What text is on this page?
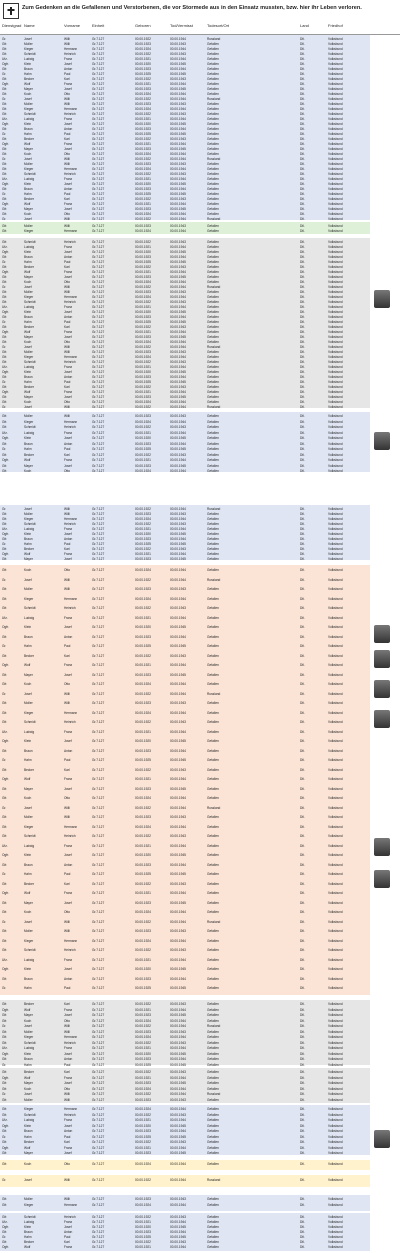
Zum Gedenken an die Gefallenen und Verstorbenen, die vor Stormede aus in den Einsatz mussten, bzw. hier ihr Leben verloren.
Dienstgrad Name	Vorname	Einheit	Geboren	Tod/Vermisst	Todesort/Ort	Land	Friedhof
Gr.	Josef	Willi	Gr.7.127	00.00.1922	00.00.1944	Russland	Dtl.	Volksbund
Gfr.	Moller	Willi	Gr.7.127	00.00.1923	00.00.1943	Gefallen	Dtl.	Volksbund
Gfr.	Kieger	Hermann	Gr.7.127	00.00.1924	00.00.1944	Gefallen	Dtl.	Volksbund
Gfr.	Schmidt	Heinrich	Gr.7.127	00.00.1922	00.00.1943	Gefallen	Dtl.	Volksbund
Ufz.	Ludwig	Franz	Gr.7.127	00.00.1921	00.00.1944	Gefallen	Dtl.	Volksbund
Ogfr.	Klein	Josef	Gr.7.127	00.00.1920	00.00.1945	Gefallen	Dtl.	Volksbund
Gfr.	Braun	Anton	Gr.7.127	00.00.1923	00.00.1944	Gefallen	Dtl.	Volksbund
Gr.	Hahn	Paul	Gr.7.127	00.00.1925	00.00.1945	Gefallen	Dtl.	Volksbund
Gfr.	Becker	Karl	Gr.7.127	00.00.1922	00.00.1943	Gefallen	Dtl.	Volksbund
Ogfr.	Wolf	Franz	Gr.7.127	00.00.1921	00.00.1944	Gefallen	Dtl.	Volksbund
Gfr.	Mayer	Josef	Gr.7.127	00.00.1923	00.00.1945	Gefallen	Dtl.	Volksbund
Gfr.	Koch	Otto	Gr.7.127	00.00.1924	00.00.1944	Gefallen	Dtl.	Volksbund
Gr.	Josef	Willi	Gr.7.127	00.00.1922	00.00.1944	Russland	Dtl.	Volksbund
Gfr.	Moller	Willi	Gr.7.127	00.00.1923	00.00.1943	Gefallen	Dtl.	Volksbund
Gfr.	Kieger	Hermann	Gr.7.127	00.00.1924	00.00.1944	Gefallen	Dtl.	Volksbund
Gfr.	Schmidt	Heinrich	Gr.7.127	00.00.1922	00.00.1943	Gefallen	Dtl.	Volksbund
Ufz.	Ludwig	Franz	Gr.7.127	00.00.1921	00.00.1944	Gefallen	Dtl.	Volksbund
Ogfr.	Klein	Josef	Gr.7.127	00.00.1920	00.00.1945	Gefallen	Dtl.	Volksbund
Gfr.	Braun	Anton	Gr.7.127	00.00.1923	00.00.1944	Gefallen	Dtl.	Volksbund
Gr.	Hahn	Paul	Gr.7.127	00.00.1925	00.00.1945	Gefallen	Dtl.	Volksbund
Gfr.	Becker	Karl	Gr.7.127	00.00.1922	00.00.1943	Gefallen	Dtl.	Volksbund
Ogfr.	Wolf	Franz	Gr.7.127	00.00.1921	00.00.1944	Gefallen	Dtl.	Volksbund
Gfr.	Mayer	Josef	Gr.7.127	00.00.1923	00.00.1945	Gefallen	Dtl.	Volksbund
Gfr.	Koch	Otto	Gr.7.127	00.00.1924	00.00.1944	Gefallen	Dtl.	Volksbund
Gr.	Josef	Willi	Gr.7.127	00.00.1922	00.00.1944	Russland	Dtl.	Volksbund
Gfr.	Moller	Willi	Gr.7.127	00.00.1923	00.00.1943	Gefallen	Dtl.	Volksbund
Gfr.	Kieger	Hermann	Gr.7.127	00.00.1924	00.00.1944	Gefallen	Dtl.	Volksbund
Gfr.	Schmidt	Heinrich	Gr.7.127	00.00.1922	00.00.1943	Gefallen	Dtl.	Volksbund
Ufz.	Ludwig	Franz	Gr.7.127	00.00.1921	00.00.1944	Gefallen	Dtl.	Volksbund
Ogfr.	Klein	Josef	Gr.7.127	00.00.1920	00.00.1945	Gefallen	Dtl.	Volksbund
Gfr.	Braun	Anton	Gr.7.127	00.00.1923	00.00.1944	Gefallen	Dtl.	Volksbund
Gr.	Hahn	Paul	Gr.7.127	00.00.1925	00.00.1945	Gefallen	Dtl.	Volksbund
Gfr.	Becker	Karl	Gr.7.127	00.00.1922	00.00.1943	Gefallen	Dtl.	Volksbund
Ogfr.	Wolf	Franz	Gr.7.127	00.00.1921	00.00.1944	Gefallen	Dtl.	Volksbund
Gfr.	Mayer	Josef	Gr.7.127	00.00.1923	00.00.1945	Gefallen	Dtl.	Volksbund
Gfr.	Koch	Otto	Gr.7.127	00.00.1924	00.00.1944	Gefallen	Dtl.	Volksbund
Gr.	Josef	Willi	Gr.7.127	00.00.1922	00.00.1944	Russland	Dtl.	Volksbund
Gfr.	Moller	Willi	Gr.7.127	00.00.1923	00.00.1943	Gefallen	Dtl.	Volksbund
Gfr.	Kieger	Hermann	Gr.7.127	00.00.1924	00.00.1944	Gefallen	Dtl.	Volksbund
Gfr.	Schmidt	Heinrich	Gr.7.127	00.00.1922	00.00.1943	Gefallen	Dtl.	Volksbund
Ufz.	Ludwig	Franz	Gr.7.127	00.00.1921	00.00.1944	Gefallen	Dtl.	Volksbund
Ogfr.	Klein	Josef	Gr.7.127	00.00.1920	00.00.1945	Gefallen	Dtl.	Volksbund
Gfr.	Braun	Anton	Gr.7.127	00.00.1923	00.00.1944	Gefallen	Dtl.	Volksbund
Gr.	Hahn	Paul	Gr.7.127	00.00.1925	00.00.1945	Gefallen	Dtl.	Volksbund
Gfr.	Becker	Karl	Gr.7.127	00.00.1922	00.00.1943	Gefallen	Dtl.	Volksbund
Ogfr.	Wolf	Franz	Gr.7.127	00.00.1921	00.00.1944	Gefallen	Dtl.	Volksbund
Gfr.	Mayer	Josef	Gr.7.127	00.00.1923	00.00.1945	Gefallen	Dtl.	Volksbund
Gfr.	Koch	Otto	Gr.7.127	00.00.1924	00.00.1944	Gefallen	Dtl.	Volksbund
Gr.	Josef	Willi	Gr.7.127	00.00.1922	00.00.1944	Russland	Dtl.	Volksbund
Gfr.	Moller	Willi	Gr.7.127	00.00.1923	00.00.1943	Gefallen	Dtl.	Volksbund
Gfr.	Kieger	Hermann	Gr.7.127	00.00.1924	00.00.1944	Gefallen	Dtl.	Volksbund
Gfr.	Schmidt	Heinrich	Gr.7.127	00.00.1922	00.00.1943	Gefallen	Dtl.	Volksbund
Ufz.	Ludwig	Franz	Gr.7.127	00.00.1921	00.00.1944	Gefallen	Dtl.	Volksbund
Ogfr.	Klein	Josef	Gr.7.127	00.00.1920	00.00.1945	Gefallen	Dtl.	Volksbund
Gfr.	Braun	Anton	Gr.7.127	00.00.1923	00.00.1944	Gefallen	Dtl.	Volksbund
Gr.	Hahn	Paul	Gr.7.127	00.00.1925	00.00.1945	Gefallen	Dtl.	Volksbund
Gfr.	Becker	Karl	Gr.7.127	00.00.1922	00.00.1943	Gefallen	Dtl.	Volksbund
Ogfr.	Wolf	Franz	Gr.7.127	00.00.1921	00.00.1944	Gefallen	Dtl.	Volksbund
Gfr.	Mayer	Josef	Gr.7.127	00.00.1923	00.00.1945	Gefallen	Dtl.	Volksbund
Gfr.	Koch	Otto	Gr.7.127	00.00.1924	00.00.1944	Gefallen	Dtl.	Volksbund
Gr.	Josef	Willi	Gr.7.127	00.00.1922	00.00.1944	Russland	Dtl.	Volksbund
Gfr.	Moller	Willi	Gr.7.127	00.00.1923	00.00.1943	Gefallen	Dtl.	Volksbund
Gfr.	Kieger	Hermann	Gr.7.127	00.00.1924	00.00.1944	Gefallen	Dtl.	Volksbund
Gfr.	Schmidt	Heinrich	Gr.7.127	00.00.1922	00.00.1943	Gefallen	Dtl.	Volksbund
Ufz.	Ludwig	Franz	Gr.7.127	00.00.1921	00.00.1944	Gefallen	Dtl.	Volksbund
Ogfr.	Klein	Josef	Gr.7.127	00.00.1920	00.00.1945	Gefallen	Dtl.	Volksbund
Gfr.	Braun	Anton	Gr.7.127	00.00.1923	00.00.1944	Gefallen	Dtl.	Volksbund
Gr.	Hahn	Paul	Gr.7.127	00.00.1925	00.00.1945	Gefallen	Dtl.	Volksbund
Gfr.	Becker	Karl	Gr.7.127	00.00.1922	00.00.1943	Gefallen	Dtl.	Volksbund
Ogfr.	Wolf	Franz	Gr.7.127	00.00.1921	00.00.1944	Gefallen	Dtl.	Volksbund
Gfr.	Mayer	Josef	Gr.7.127	00.00.1923	00.00.1945	Gefallen	Dtl.	Volksbund
Gfr.	Koch	Otto	Gr.7.127	00.00.1924	00.00.1944	Gefallen	Dtl.	Volksbund
Gr.	Josef	Willi	Gr.7.127	00.00.1922	00.00.1944	Russland	Dtl.	Volksbund
Gfr.	Moller	Willi	Gr.7.127	00.00.1923	00.00.1943	Gefallen	Dtl.	Volksbund
Gfr.	Kieger	Hermann	Gr.7.127	00.00.1924	00.00.1944	Gefallen	Dtl.	Volksbund
Gfr.	Schmidt	Heinrich	Gr.7.127	00.00.1922	00.00.1943	Gefallen	Dtl.	Volksbund
Ufz.	Ludwig	Franz	Gr.7.127	00.00.1921	00.00.1944	Gefallen	Dtl.	Volksbund
Ogfr.	Klein	Josef	Gr.7.127	00.00.1920	00.00.1945	Gefallen	Dtl.	Volksbund
Gfr.	Braun	Anton	Gr.7.127	00.00.1923	00.00.1944	Gefallen	Dtl.	Volksbund
Gr.	Hahn	Paul	Gr.7.127	00.00.1925	00.00.1945	Gefallen	Dtl.	Volksbund
Gfr.	Becker	Karl	Gr.7.127	00.00.1922	00.00.1943	Gefallen	Dtl.	Volksbund
Ogfr.	Wolf	Franz	Gr.7.127	00.00.1921	00.00.1944	Gefallen	Dtl.	Volksbund
Gfr.	Mayer	Josef	Gr.7.127	00.00.1923	00.00.1945	Gefallen	Dtl.	Volksbund
Gfr.	Koch	Otto	Gr.7.127	00.00.1924	00.00.1944	Gefallen	Dtl.	Volksbund
Gr.	Josef	Willi	Gr.7.127	00.00.1922	00.00.1944	Russland	Dtl.	Volksbund
Gfr.	Moller	Willi	Gr.7.127	00.00.1923	00.00.1943	Gefallen	Dtl.	Volksbund
Gfr.	Kieger	Hermann	Gr.7.127	00.00.1924	00.00.1944	Gefallen	Dtl.	Volksbund
Gfr.	Schmidt	Heinrich	Gr.7.127	00.00.1922	00.00.1943	Gefallen	Dtl.	Volksbund
Ufz.	Ludwig	Franz	Gr.7.127	00.00.1921	00.00.1944	Gefallen	Dtl.	Volksbund
Ogfr.	Klein	Josef	Gr.7.127	00.00.1920	00.00.1945	Gefallen	Dtl.	Volksbund
Gfr.	Braun	Anton	Gr.7.127	00.00.1923	00.00.1944	Gefallen	Dtl.	Volksbund
Gr.	Hahn	Paul	Gr.7.127	00.00.1925	00.00.1945	Gefallen	Dtl.	Volksbund
Gfr.	Becker	Karl	Gr.7.127	00.00.1922	00.00.1943	Gefallen	Dtl.	Volksbund
Ogfr.	Wolf	Franz	Gr.7.127	00.00.1921	00.00.1944	Gefallen	Dtl.	Volksbund
Gfr.	Mayer	Josef	Gr.7.127	00.00.1923	00.00.1945	Gefallen	Dtl.	Volksbund
Gfr.	Koch	Otto	Gr.7.127	00.00.1924	00.00.1944	Gefallen	Dtl.	Volksbund
Gr.	Josef	Willi	Gr.7.127	00.00.1922	00.00.1944	Russland	Dtl.	Volksbund
Gfr.	Moller	Willi	Gr.7.127	00.00.1923	00.00.1943	Gefallen	Dtl.	Volksbund
Gfr.	Kieger	Hermann	Gr.7.127	00.00.1924	00.00.1944	Gefallen	Dtl.	Volksbund
Gfr.	Schmidt	Heinrich	Gr.7.127	00.00.1922	00.00.1943	Gefallen	Dtl.	Volksbund
Ufz.	Ludwig	Franz	Gr.7.127	00.00.1921	00.00.1944	Gefallen	Dtl.	Volksbund
Ogfr.	Klein	Josef	Gr.7.127	00.00.1920	00.00.1945	Gefallen	Dtl.	Volksbund
Gfr.	Braun	Anton	Gr.7.127	00.00.1923	00.00.1944	Gefallen	Dtl.	Volksbund
Gr.	Hahn	Paul	Gr.7.127	00.00.1925	00.00.1945	Gefallen	Dtl.	Volksbund
Gfr.	Becker	Karl	Gr.7.127	00.00.1922	00.00.1943	Gefallen	Dtl.	Volksbund
Ogfr.	Wolf	Franz	Gr.7.127	00.00.1921	00.00.1944	Gefallen	Dtl.	Volksbund
Gfr.	Mayer	Josef	Gr.7.127	00.00.1923	00.00.1945	Gefallen	Dtl.	Volksbund
Gfr.	Koch	Otto	Gr.7.127	00.00.1924	00.00.1944	Gefallen	Dtl.	Volksbund
Gr.	Josef	Willi	Gr.7.127	00.00.1922	00.00.1944	Russland	Dtl.	Volksbund
Gfr.	Moller	Willi	Gr.7.127	00.00.1923	00.00.1943	Gefallen	Dtl.	Volksbund
Gfr.	Kieger	Hermann	Gr.7.127	00.00.1924	00.00.1944	Gefallen	Dtl.	Volksbund
Gfr.	Schmidt	Heinrich	Gr.7.127	00.00.1922	00.00.1943	Gefallen	Dtl.	Volksbund
Ufz.	Ludwig	Franz	Gr.7.127	00.00.1921	00.00.1944	Gefallen	Dtl.	Volksbund
Ogfr.	Klein	Josef	Gr.7.127	00.00.1920	00.00.1945	Gefallen	Dtl.	Volksbund
Gfr.	Braun	Anton	Gr.7.127	00.00.1923	00.00.1944	Gefallen	Dtl.	Volksbund
Gr.	Hahn	Paul	Gr.7.127	00.00.1925	00.00.1945	Gefallen	Dtl.	Volksbund
Gfr.	Becker	Karl	Gr.7.127	00.00.1922	00.00.1943	Gefallen	Dtl.	Volksbund
Ogfr.	Wolf	Franz	Gr.7.127	00.00.1921	00.00.1944	Gefallen	Dtl.	Volksbund
Gfr.	Mayer	Josef	Gr.7.127	00.00.1923	00.00.1945	Gefallen	Dtl.	Volksbund
Gfr.	Koch	Otto	Gr.7.127	00.00.1924	00.00.1944	Gefallen	Dtl.	Volksbund
Gr.	Josef	Willi	Gr.7.127	00.00.1922	00.00.1944	Russland	Dtl.	Volksbund
Gfr.	Moller	Willi	Gr.7.127	00.00.1923	00.00.1943	Gefallen	Dtl.	Volksbund
Gfr.	Kieger	Hermann	Gr.7.127	00.00.1924	00.00.1944	Gefallen	Dtl.	Volksbund
Gfr.	Schmidt	Heinrich	Gr.7.127	00.00.1922	00.00.1943	Gefallen	Dtl.	Volksbund
Ufz.	Ludwig	Franz	Gr.7.127	00.00.1921	00.00.1944	Gefallen	Dtl.	Volksbund
Ogfr.	Klein	Josef	Gr.7.127	00.00.1920	00.00.1945	Gefallen	Dtl.	Volksbund
Gfr.	Braun	Anton	Gr.7.127	00.00.1923	00.00.1944	Gefallen	Dtl.	Volksbund
Gr.	Hahn	Paul	Gr.7.127	00.00.1925	00.00.1945	Gefallen	Dtl.	Volksbund
Gfr.	Becker	Karl	Gr.7.127	00.00.1922	00.00.1943	Gefallen	Dtl.	Volksbund
Ogfr.	Wolf	Franz	Gr.7.127	00.00.1921	00.00.1944	Gefallen	Dtl.	Volksbund
Gfr.	Mayer	Josef	Gr.7.127	00.00.1923	00.00.1945	Gefallen	Dtl.	Volksbund
Gfr.	Koch	Otto	Gr.7.127	00.00.1924	00.00.1944	Gefallen	Dtl.	Volksbund
Gr.	Josef	Willi	Gr.7.127	00.00.1922	00.00.1944	Russland	Dtl.	Volksbund
Gfr.	Moller	Willi	Gr.7.127	00.00.1923	00.00.1943	Gefallen	Dtl.	Volksbund
Gfr.	Kieger	Hermann	Gr.7.127	00.00.1924	00.00.1944	Gefallen	Dtl.	Volksbund
Gfr.	Schmidt	Heinrich	Gr.7.127	00.00.1922	00.00.1943	Gefallen	Dtl.	Volksbund
Ufz.	Ludwig	Franz	Gr.7.127	00.00.1921	00.00.1944	Gefallen	Dtl.	Volksbund
Ogfr.	Klein	Josef	Gr.7.127	00.00.1920	00.00.1945	Gefallen	Dtl.	Volksbund
Gfr.	Braun	Anton	Gr.7.127	00.00.1923	00.00.1944	Gefallen	Dtl.	Volksbund
Gr.	Hahn	Paul	Gr.7.127	00.00.1925	00.00.1945	Gefallen	Dtl.	Volksbund
Gfr.	Becker	Karl	Gr.7.127	00.00.1922	00.00.1943	Gefallen	Dtl.	Volksbund
Ogfr.	Wolf	Franz	Gr.7.127	00.00.1921	00.00.1944	Gefallen	Dtl.	Volksbund
Gfr.	Mayer	Josef	Gr.7.127	00.00.1923	00.00.1945	Gefallen	Dtl.	Volksbund
Gfr.	Koch	Otto	Gr.7.127	00.00.1924	00.00.1944	Gefallen	Dtl.	Volksbund
Gr.	Josef	Willi	Gr.7.127	00.00.1922	00.00.1944	Russland	Dtl.	Volksbund
Gfr.	Moller	Willi	Gr.7.127	00.00.1923	00.00.1943	Gefallen	Dtl.	Volksbund
Gfr.	Kieger	Hermann	Gr.7.127	00.00.1924	00.00.1944	Gefallen	Dtl.	Volksbund
Gfr.	Schmidt	Heinrich	Gr.7.127	00.00.1922	00.00.1943	Gefallen	Dtl.	Volksbund
Ufz.	Ludwig	Franz	Gr.7.127	00.00.1921	00.00.1944	Gefallen	Dtl.	Volksbund
Ogfr.	Klein	Josef	Gr.7.127	00.00.1920	00.00.1945	Gefallen	Dtl.	Volksbund
Gfr.	Braun	Anton	Gr.7.127	00.00.1923	00.00.1944	Gefallen	Dtl.	Volksbund
Gr.	Hahn	Paul	Gr.7.127	00.00.1925	00.00.1945	Gefallen	Dtl.	Volksbund
Gfr.	Becker	Karl	Gr.7.127	00.00.1922	00.00.1943	Gefallen	Dtl.	Volksbund
Ogfr.	Wolf	Franz	Gr.7.127	00.00.1921	00.00.1944	Gefallen	Dtl.	Volksbund
Gfr.	Mayer	Josef	Gr.7.127	00.00.1923	00.00.1945	Gefallen	Dtl.	Volksbund
Gfr.	Koch	Otto	Gr.7.127	00.00.1924	00.00.1944	Gefallen	Dtl.	Volksbund
Gr.	Josef	Willi	Gr.7.127	00.00.1922	00.00.1944	Russland	Dtl.	Volksbund
Gfr.	Moller	Willi	Gr.7.127	00.00.1923	00.00.1943	Gefallen	Dtl.	Volksbund
Gfr.	Kieger	Hermann	Gr.7.127	00.00.1924	00.00.1944	Gefallen	Dtl.	Volksbund
Gfr.	Schmidt	Heinrich	Gr.7.127	00.00.1922	00.00.1943	Gefallen	Dtl.	Volksbund
Ufz.	Ludwig	Franz	Gr.7.127	00.00.1921	00.00.1944	Gefallen	Dtl.	Volksbund
Ogfr.	Klein	Josef	Gr.7.127	00.00.1920	00.00.1945	Gefallen	Dtl.	Volksbund
Gfr.	Braun	Anton	Gr.7.127	00.00.1923	00.00.1944	Gefallen	Dtl.	Volksbund
Gr.	Hahn	Paul	Gr.7.127	00.00.1925	00.00.1945	Gefallen	Dtl.	Volksbund
Gfr.	Becker	Karl	Gr.7.127	00.00.1922	00.00.1943	Gefallen	Dtl.	Volksbund
Ogfr.	Wolf	Franz	Gr.7.127	00.00.1921	00.00.1944	Gefallen	Dtl.	Volksbund
Gfr.	Mayer	Josef	Gr.7.127	00.00.1923	00.00.1945	Gefallen	Dtl.	Volksbund
Gfr.	Koch	Otto	Gr.7.127	00.00.1924	00.00.1944	Gefallen	Dtl.	Volksbund
Gr.	Josef	Willi	Gr.7.127	00.00.1922	00.00.1944	Russland	Dtl.	Volksbund
Gfr.	Moller	Willi	Gr.7.127	00.00.1923	00.00.1943	Gefallen	Dtl.	Volksbund
Gfr.	Kieger	Hermann	Gr.7.127	00.00.1924	00.00.1944	Gefallen	Dtl.	Volksbund
Gfr.	Schmidt	Heinrich	Gr.7.127	00.00.1922	00.00.1943	Gefallen	Dtl.	Volksbund
Ufz.	Ludwig	Franz	Gr.7.127	00.00.1921	00.00.1944	Gefallen	Dtl.	Volksbund
Ogfr.	Klein	Josef	Gr.7.127	00.00.1920	00.00.1945	Gefallen	Dtl.	Volksbund
Gfr.	Braun	Anton	Gr.7.127	00.00.1923	00.00.1944	Gefallen	Dtl.	Volksbund
Gr.	Hahn	Paul	Gr.7.127	00.00.1925	00.00.1945	Gefallen	Dtl.	Volksbund
Gfr.	Becker	Karl	Gr.7.127	00.00.1922	00.00.1943	Gefallen	Dtl.	Volksbund
Ogfr.	Wolf	Franz	Gr.7.127	00.00.1921	00.00.1944	Gefallen	Dtl.	Volksbund
